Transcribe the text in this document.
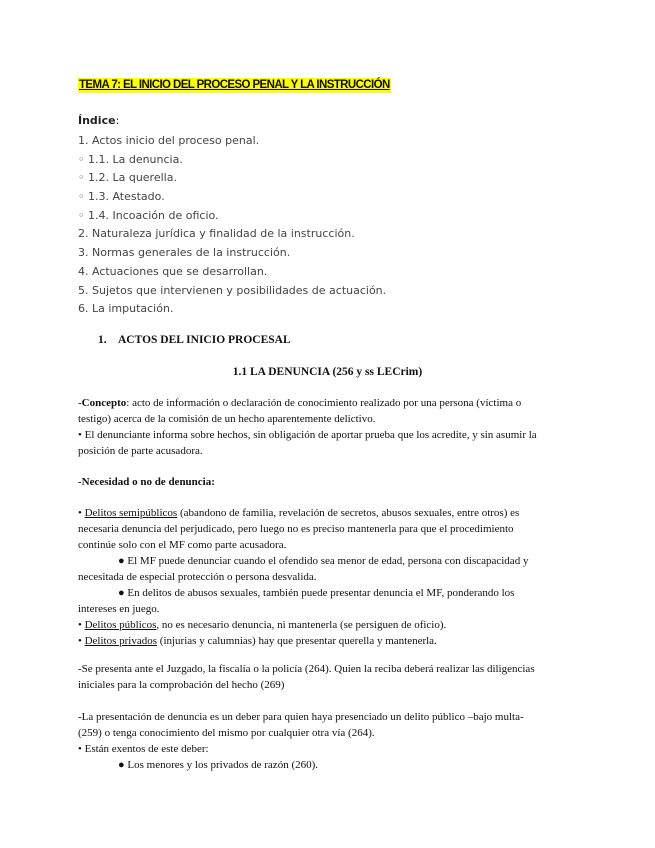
TEMA 7: EL INICIO DEL PROCESO PENAL Y LA INSTRUCCIÓN
Índice:
1. Actos inicio del proceso penal.
◦ 1.1. La denuncia.
◦ 1.2. La querella.
◦ 1.3. Atestado.
◦ 1.4. Incoación de oficio.
2. Naturaleza jurídica y finalidad de la instrucción.
3. Normas generales de la instrucción.
4. Actuaciones que se desarrollan.
5. Sujetos que intervienen y posibilidades de actuación.
6. La imputación.
1. ACTOS DEL INICIO PROCESAL
1.1 LA DENUNCIA (256 y ss LECrim)
-Concepto: acto de información o declaración de conocimiento realizado por una persona (víctima o
testigo) acerca de la comisión de un hecho aparentemente delictivo.
• El denunciante informa sobre hechos, sin obligación de aportar prueba que los acredite, y sin asumir la
posición de parte acusadora.
-Necesidad o no de denuncia:
• Delitos semipúblicos (abandono de familia, revelación de secretos, abusos sexuales, entre otros) es
necesaria denuncia del perjudicado, pero luego no es preciso mantenerla para que el procedimiento
continúe solo con el MF como parte acusadora.
● El MF puede denunciar cuando el ofendido sea menor de edad, persona con discapacidad y
necesitada de especial protección o persona desvalida.
● En delitos de abusos sexuales, también puede presentar denuncia el MF, ponderando los
intereses en juego.
• Delitos públicos, no es necesario denuncia, ni mantenerla (se persiguen de oficio).
• Delitos privados (injurias y calumnias) hay que presentar querella y mantenerla.
-Se presenta ante el Juzgado, la fiscalía o la policía (264). Quien la reciba deberá realizar las diligencias
iniciales para la comprobación del hecho (269)
-La presentación de denuncia es un deber para quien haya presenciado un delito público –bajo multa-
(259) o tenga conocimiento del mismo por cualquier otra vía (264).
• Están exentos de este deber:
● Los menores y los privados de razón (260).
